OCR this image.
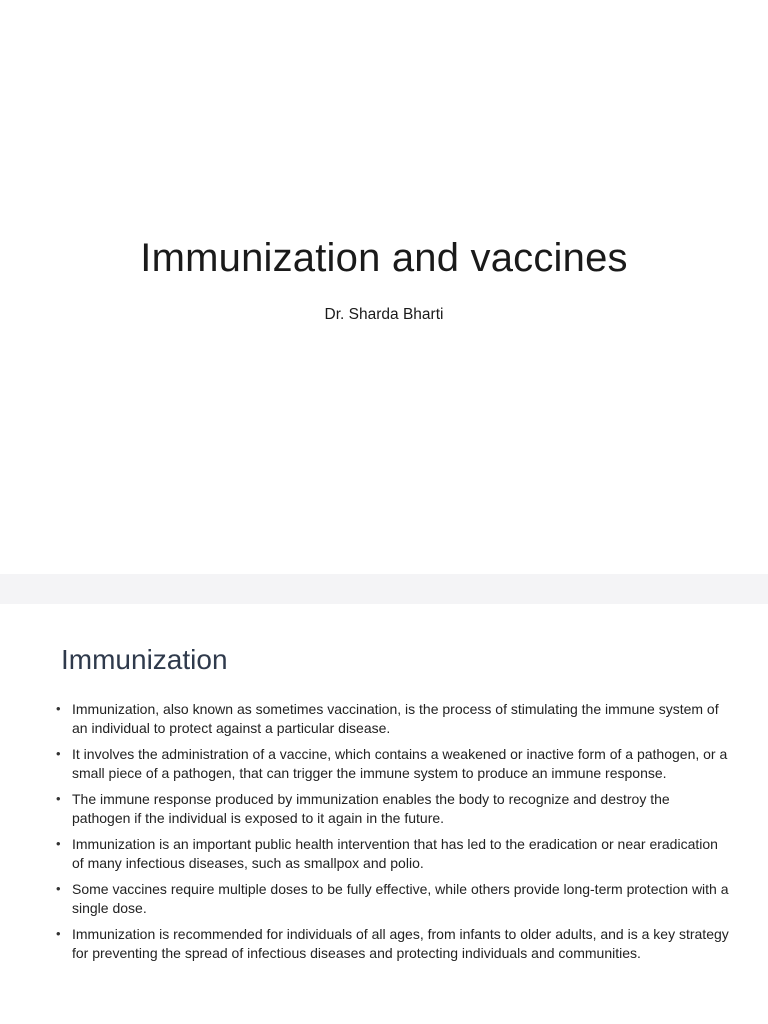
Immunization and vaccines
Dr. Sharda Bharti
Immunization
• Immunization, also known as sometimes vaccination, is the process of stimulating the immune system of an individual to protect against a particular disease.
• It involves the administration of a vaccine, which contains a weakened or inactive form of a pathogen, or a small piece of a pathogen, that can trigger the immune system to produce an immune response.
• The immune response produced by immunization enables the body to recognize and destroy the pathogen if the individual is exposed to it again in the future.
• Immunization is an important public health intervention that has led to the eradication or near eradication of many infectious diseases, such as smallpox and polio.
• Some vaccines require multiple doses to be fully effective, while others provide long-term protection with a single dose.
• Immunization is recommended for individuals of all ages, from infants to older adults, and is a key strategy for preventing the spread of infectious diseases and protecting individuals and communities.
